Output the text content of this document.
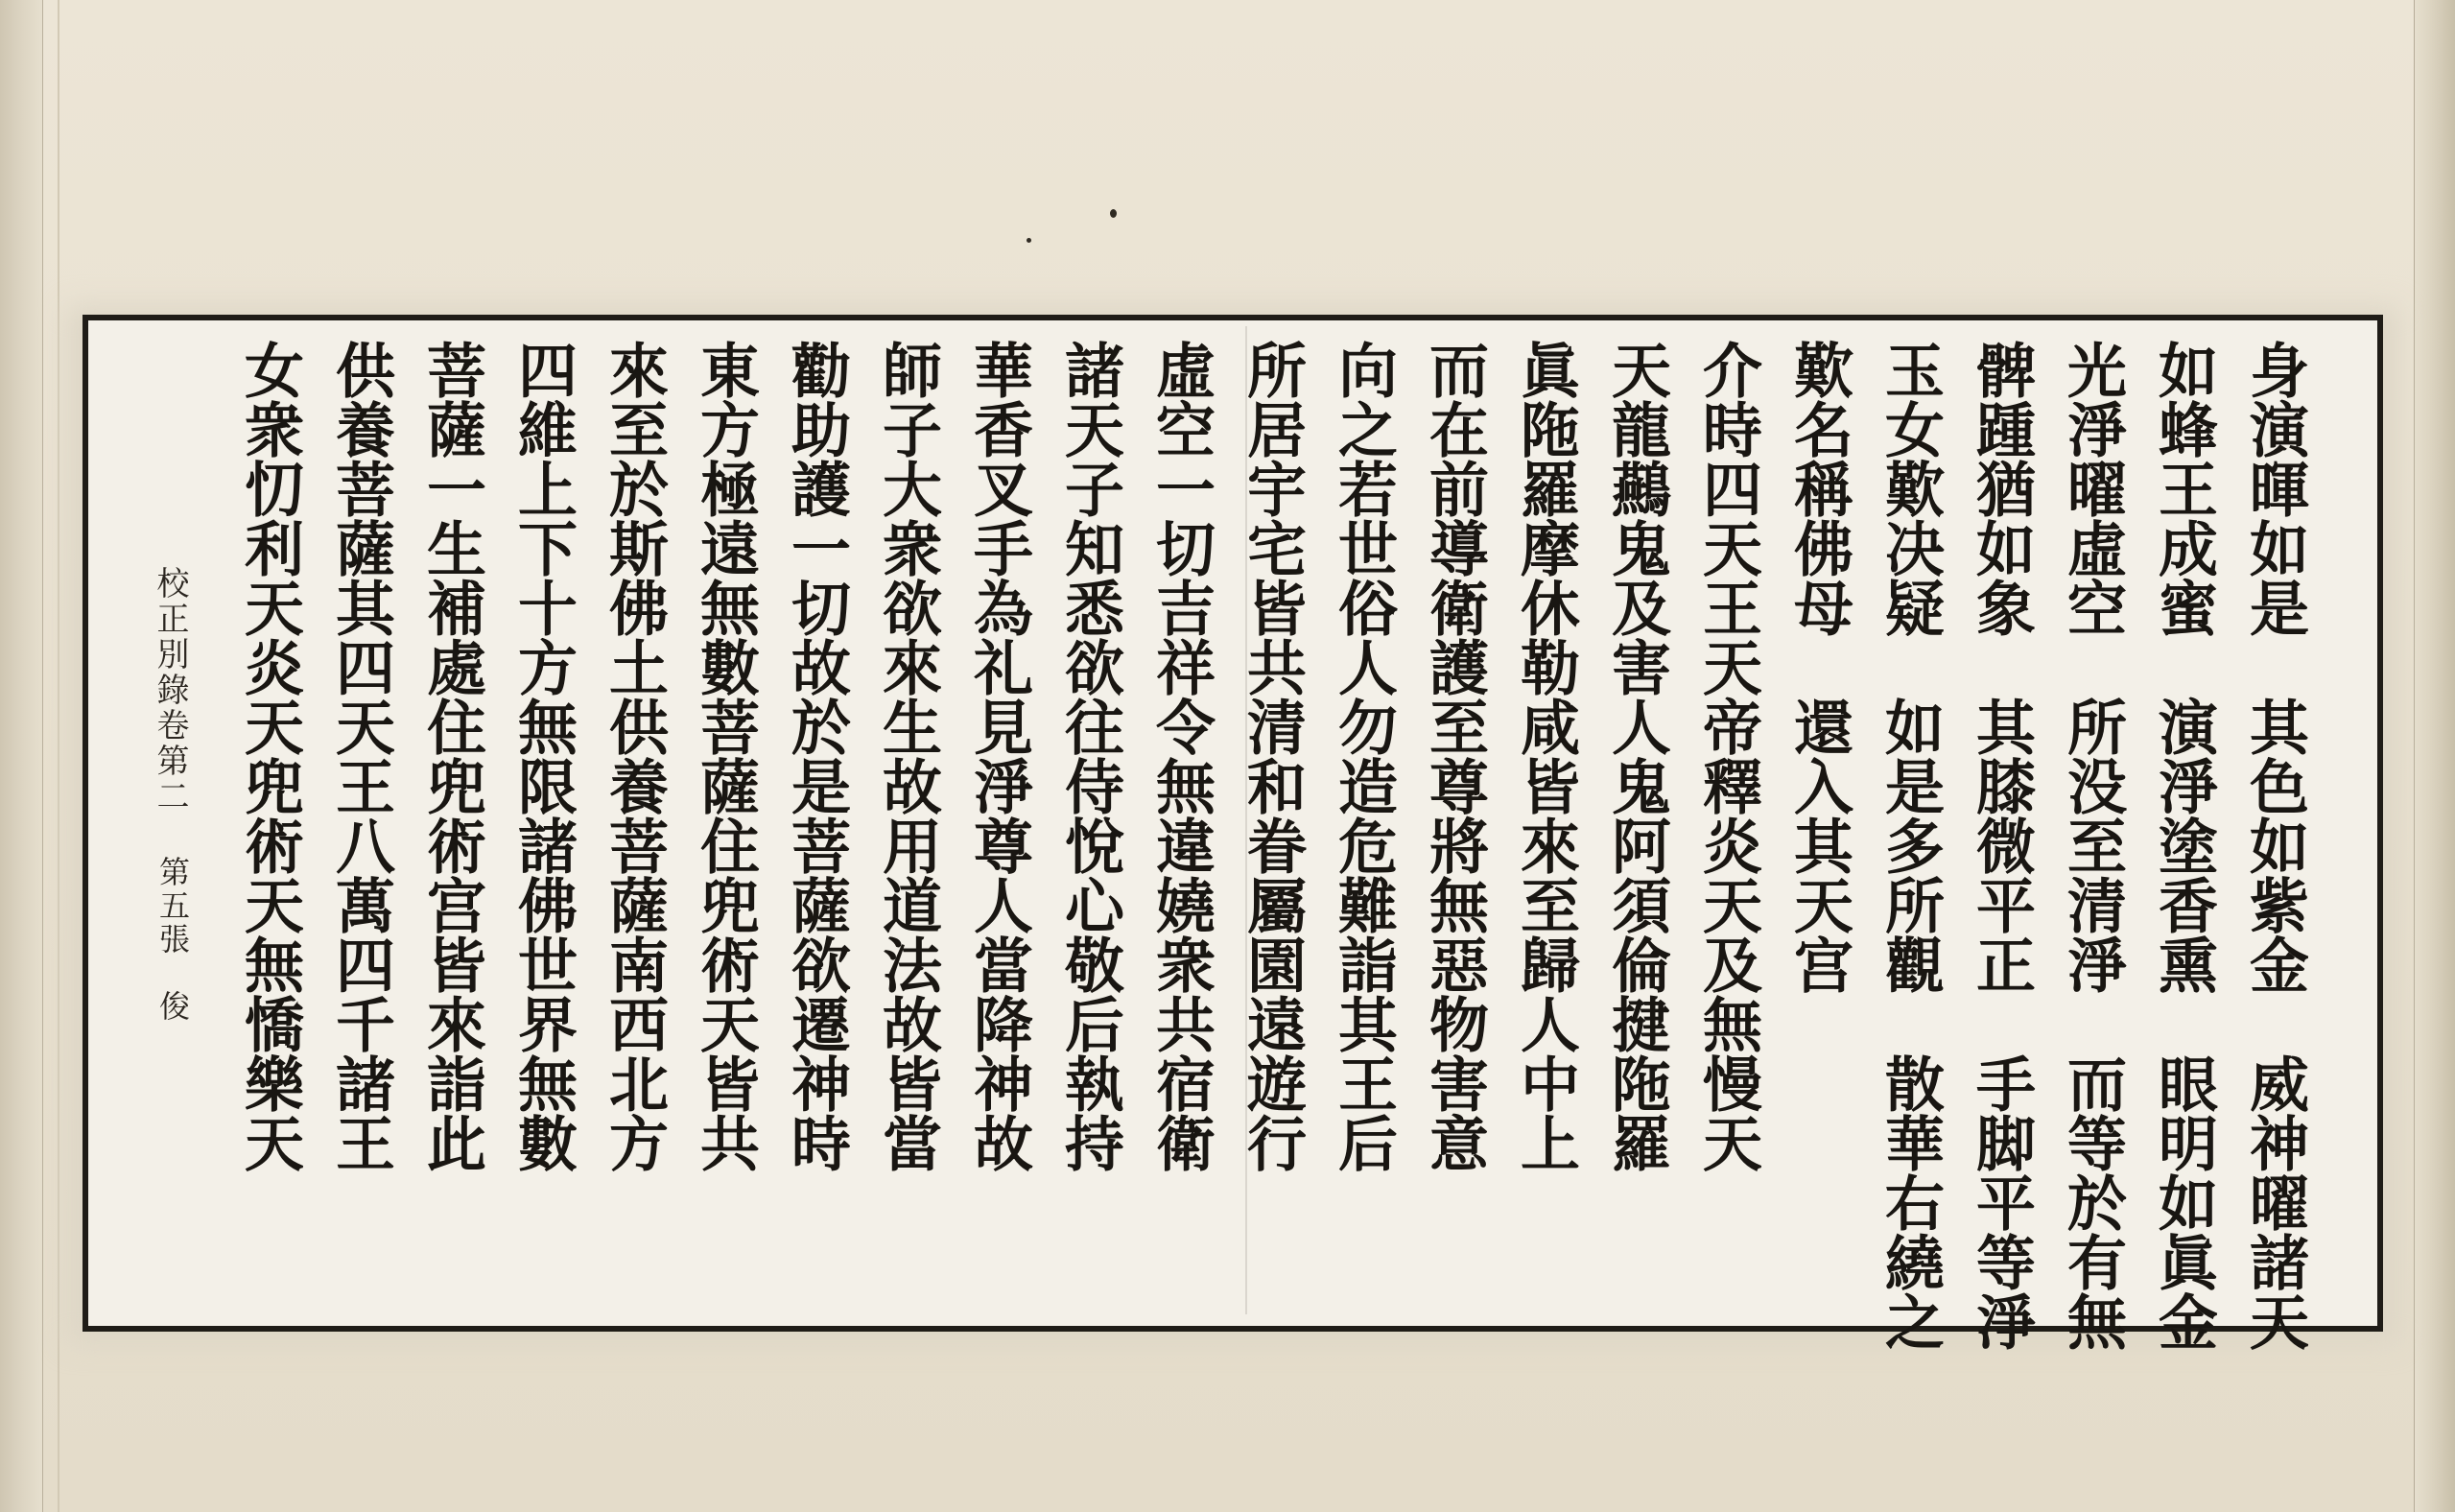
身演暉如是　其色如紫金　威神曜諸天
如蜂王成蜜　演淨塗香熏　眼明如眞金
光淨曜虛空　所没至清淨　而等於有無
髀踵猶如象　其膝微平正　手脚平等淨
玉女歎决疑　如是多所觀　散華右繞之
歎名稱佛母　還入其天宫
介時四天王天帝釋炎天及無慢天
天龍䴏鬼及害人鬼阿須倫揵陁羅
眞陁羅摩休勒咸皆來至歸人中上
而在前導衛護至尊將無惡物害意
向之若世俗人勿造危難詣其王后
所居宇宅皆共清和眷屬園遠遊行
虛空一切吉祥令無違嬈衆共宿衛
諸天子知悉欲往侍悅心敬后執持
華香叉手為礼見淨尊人當降神故
師子大衆欲來生故用道法故皆當
勸助護一切故於是菩薩欲遷神時
東方極遠無數菩薩住兜術天皆共
來至於斯佛土供養菩薩南西北方
四維上下十方無限諸佛世界無數
菩薩一生補處住兜術宫皆來詣此
供養菩薩其四天王八萬四千諸王
女衆忉利天炎天兜術天無憍樂天
校正別錄卷第二
第五張　俊
